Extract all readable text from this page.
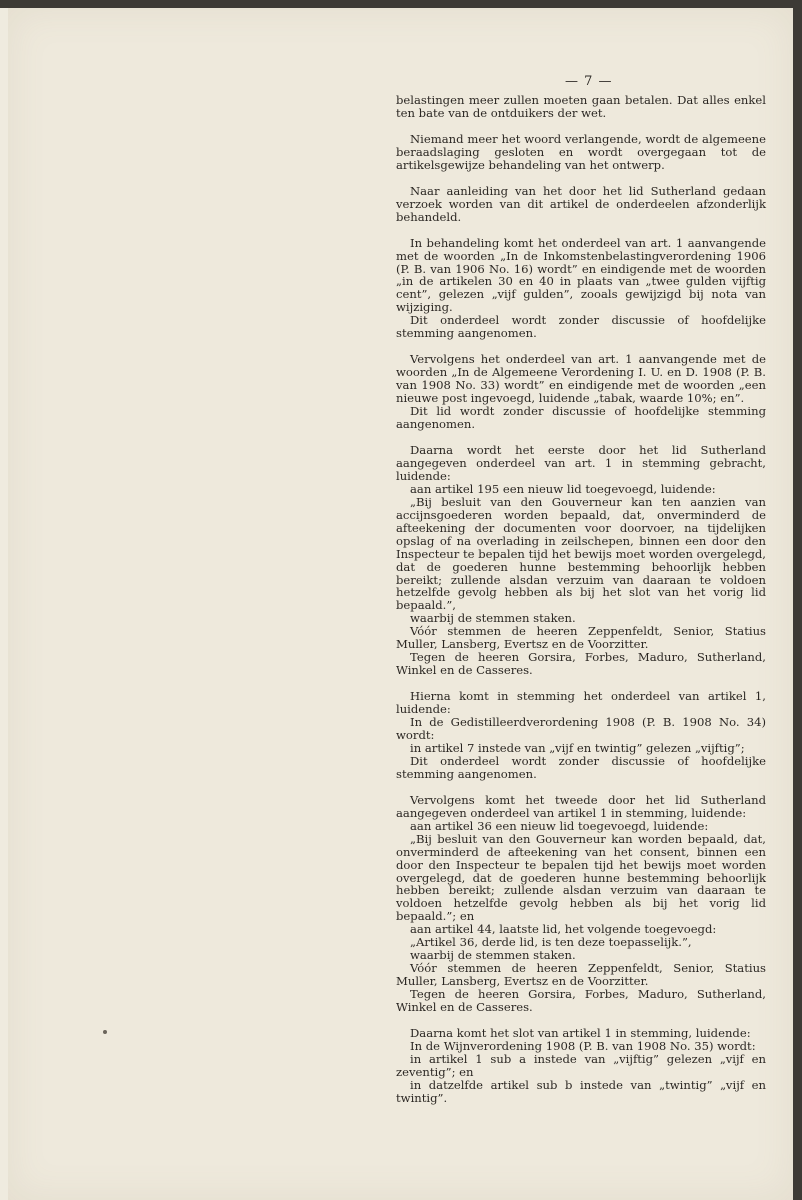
— 7 —

belastingen meer zullen moeten gaan betalen. Dat alles enkel ten bate van de ontduikers der wet.

Niemand meer het woord verlangende, wordt de algemeene beraadslaging gesloten en wordt overgegaan tot de artikelsgewijze behandeling van het ontwerp.

Naar aanleiding van het door het lid Sutherland gedaan verzoek worden van dit artikel de onderdeelen afzonderlijk behandeld.

In behandeling komt het onderdeel van art. 1 aanvangende met de woorden „In de Inkomstenbelastingverordening 1906 (P. B. van 1906 No. 16) wordt” en eindigende met de woorden „in de artikelen 30 en 40 in plaats van „twee gulden vijftig cent”, gelezen „vijf gulden”, zooals gewijzigd bij nota van wijziging.

Dit onderdeel wordt zonder discussie of hoofdelijke stemming aangenomen.

Vervolgens het onderdeel van art. 1 aanvangende met de woorden „In de Algemeene Verordening I. U. en D. 1908 (P. B. van 1908 No. 33) wordt” en eindigende met de woorden „een nieuwe post ingevoegd, luidende „tabak, waarde 10%; en”.

Dit lid wordt zonder discussie of hoofdelijke stemming aangenomen.

Daarna wordt het eerste door het lid Sutherland aangegeven onderdeel van art. 1 in stemming gebracht, luidende:

aan artikel 195 een nieuw lid toegevoegd, luidende:

„Bij besluit van den Gouverneur kan ten aanzien van accijnsgoederen worden bepaald, dat, onverminderd de afteekening der documenten voor doorvoer, na tijdelijken opslag of na overlading in zeilschepen, binnen een door den Inspecteur te bepalen tijd het bewijs moet worden overgelegd, dat de goederen hunne bestemming behoorlijk hebben bereikt; zullende alsdan verzuim van daaraan te voldoen hetzelfde gevolg hebben als bij het slot van het vorig lid bepaald.”,

waarbij de stemmen staken.

Vóór stemmen de heeren Zeppenfeldt, Senior, Statius Muller, Lansberg, Evertsz en de Voorzitter.

Tegen de heeren Gorsira, Forbes, Maduro, Sutherland, Winkel en de Casseres.

Hierna komt in stemming het onderdeel van artikel 1, luidende:

In de Gedistilleerdverordening 1908 (P. B. 1908 No. 34) wordt:

in artikel 7 instede van „vijf en twintig” gelezen „vijftig”;

Dit onderdeel wordt zonder discussie of hoofdelijke stemming aangenomen.

Vervolgens komt het tweede door het lid Sutherland aangegeven onderdeel van artikel 1 in stemming, luidende:

aan artikel 36 een nieuw lid toegevoegd, luidende:

„Bij besluit van den Gouverneur kan worden bepaald, dat, onverminderd de afteekening van het consent, binnen een door den Inspecteur te bepalen tijd het bewijs moet worden overgelegd, dat de goederen hunne bestemming behoorlijk hebben bereikt; zullende alsdan verzuim van daaraan te voldoen hetzelfde gevolg hebben als bij het vorig lid bepaald.”; en

aan artikel 44, laatste lid, het volgende toegevoegd:

„Artikel 36, derde lid, is ten deze toepasselijk.”,

waarbij de stemmen staken.

Vóór stemmen de heeren Zeppenfeldt, Senior, Statius Muller, Lansberg, Evertsz en de Voorzitter.

Tegen de heeren Gorsira, Forbes, Maduro, Sutherland, Winkel en de Casseres.

Daarna komt het slot van artikel 1 in stemming, luidende:

In de Wijnverordening 1908 (P. B. van 1908 No. 35) wordt:

in artikel 1 sub a instede van „vijftig” gelezen „vijf en zeventig”; en

in datzelfde artikel sub b instede van „twintig” „vijf en twintig”.
